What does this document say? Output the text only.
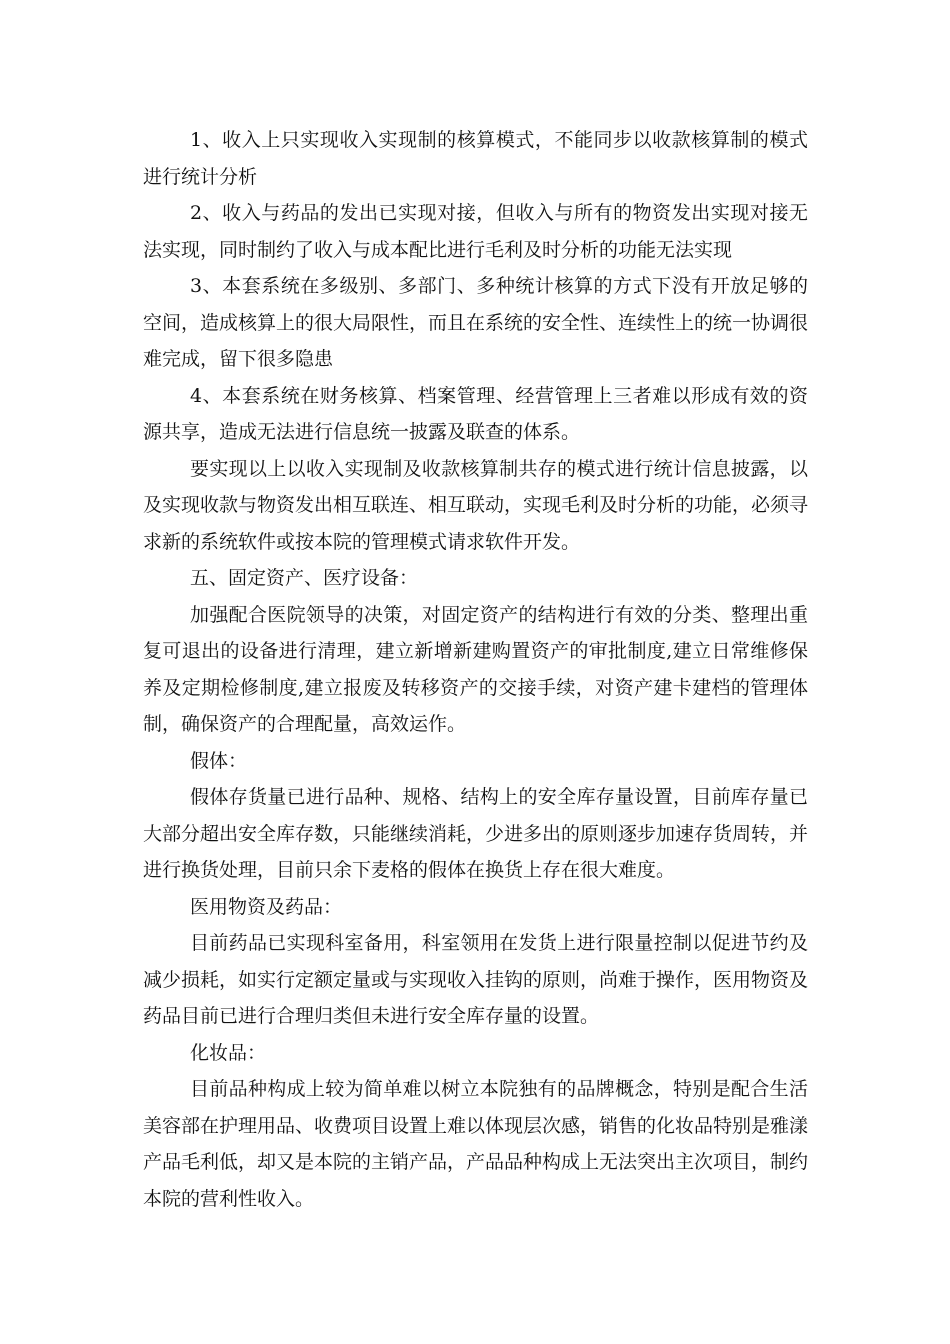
1、收入上只实现收入实现制的核算模式，不能同步以收款核算制的模式进行统计分析

2、收入与药品的发出已实现对接，但收入与所有的物资发出实现对接无法实现，同时制约了收入与成本配比进行毛利及时分析的功能无法实现

3、本套系统在多级别、多部门、多种统计核算的方式下没有开放足够的空间，造成核算上的很大局限性，而且在系统的安全性、连续性上的统一协调很难完成，留下很多隐患

4、本套系统在财务核算、档案管理、经营管理上三者难以形成有效的资源共享，造成无法进行信息统一披露及联查的体系。

要实现以上以收入实现制及收款核算制共存的模式进行统计信息披露，以及实现收款与物资发出相互联连、相互联动，实现毛利及时分析的功能，必须寻求新的系统软件或按本院的管理模式请求软件开发。

五、固定资产、医疗设备：

加强配合医院领导的决策，对固定资产的结构进行有效的分类、整理出重复可退出的设备进行清理，建立新增新建购置资产的审批制度,建立日常维修保养及定期检修制度,建立报废及转移资产的交接手续，对资产建卡建档的管理体制，确保资产的合理配量，高效运作。

假体：

假体存货量已进行品种、规格、结构上的安全库存量设置，目前库存量已大部分超出安全库存数，只能继续消耗，少进多出的原则逐步加速存货周转，并进行换货处理，目前只余下麦格的假体在换货上存在很大难度。

医用物资及药品：

目前药品已实现科室备用，科室领用在发货上进行限量控制以促进节约及减少损耗，如实行定额定量或与实现收入挂钩的原则，尚难于操作，医用物资及药品目前已进行合理归类但未进行安全库存量的设置。

化妆品：

目前品种构成上较为简单难以树立本院独有的品牌概念，特别是配合生活美容部在护理用品、收费项目设置上难以体现层次感，销售的化妆品特别是雅漾产品毛利低，却又是本院的主销产品，产品品种构成上无法突出主次项目，制约本院的营利性收入。
